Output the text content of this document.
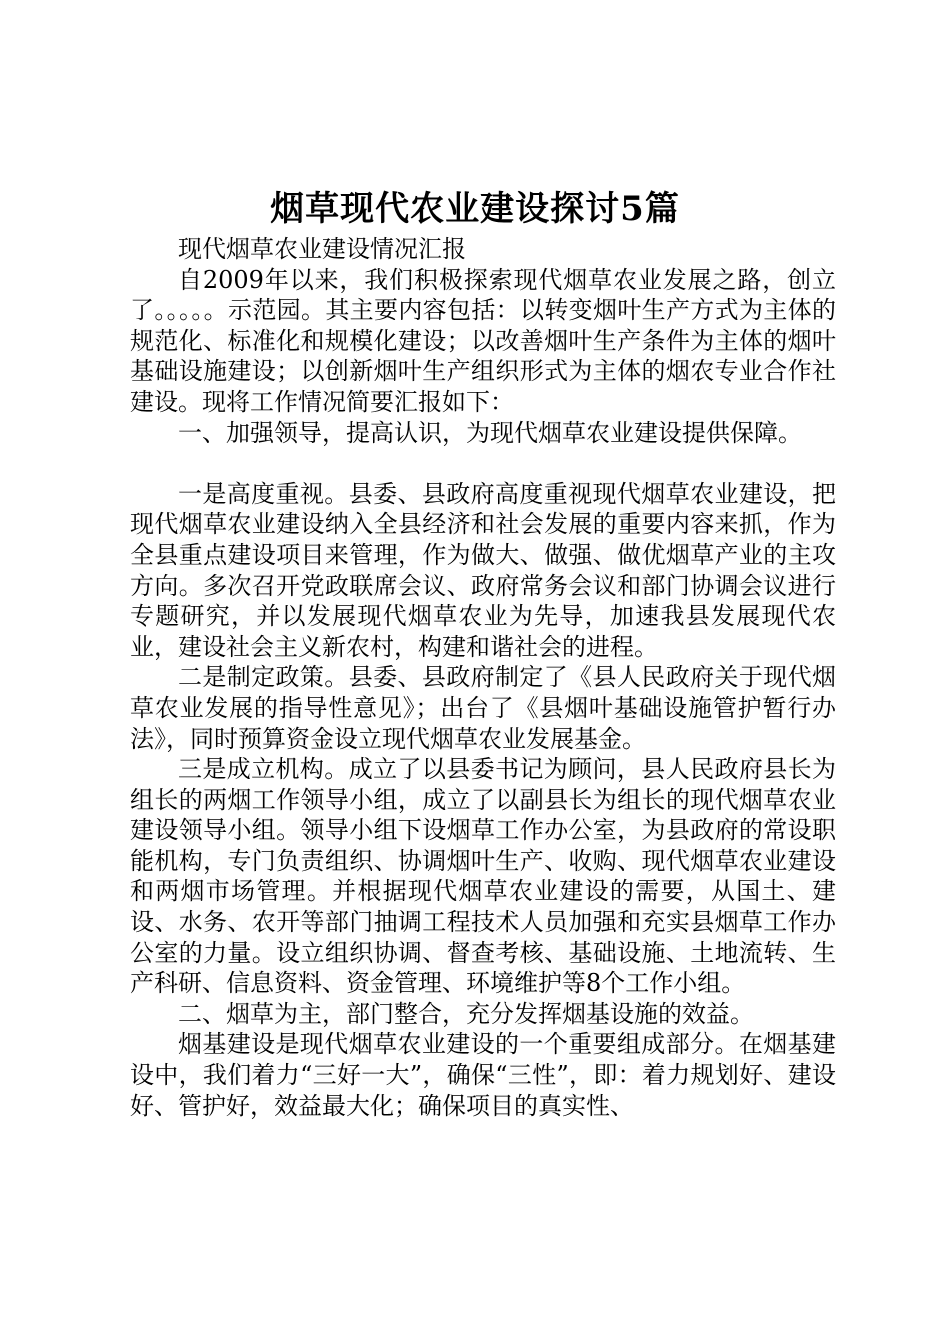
烟草现代农业建设探讨5篇

现代烟草农业建设情况汇报

自2009年以来，我们积极探索现代烟草农业发展之路，创立了。。。。。示范园。其主要内容包括：以转变烟叶生产方式为主体的规范化、标准化和规模化建设；以改善烟叶生产条件为主体的烟叶基础设施建设；以创新烟叶生产组织形式为主体的烟农专业合作社建设。现将工作情况简要汇报如下：

一、加强领导，提高认识，为现代烟草农业建设提供保障。

一是高度重视。县委、县政府高度重视现代烟草农业建设，把现代烟草农业建设纳入全县经济和社会发展的重要内容来抓，作为全县重点建设项目来管理，作为做大、做强、做优烟草产业的主攻方向。多次召开党政联席会议、政府常务会议和部门协调会议进行专题研究，并以发展现代烟草农业为先导，加速我县发展现代农业，建设社会主义新农村，构建和谐社会的进程。

二是制定政策。县委、县政府制定了《县人民政府关于现代烟草农业发展的指导性意见》；出台了《县烟叶基础设施管护暂行办法》，同时预算资金设立现代烟草农业发展基金。

三是成立机构。成立了以县委书记为顾问，县人民政府县长为组长的两烟工作领导小组，成立了以副县长为组长的现代烟草农业建设领导小组。领导小组下设烟草工作办公室，为县政府的常设职能机构，专门负责组织、协调烟叶生产、收购、现代烟草农业建设和两烟市场管理。并根据现代烟草农业建设的需要，从国土、建设、水务、农开等部门抽调工程技术人员加强和充实县烟草工作办公室的力量。设立组织协调、督查考核、基础设施、土地流转、生产科研、信息资料、资金管理、环境维护等8个工作小组。

二、烟草为主，部门整合，充分发挥烟基设施的效益。

烟基建设是现代烟草农业建设的一个重要组成部分。在烟基建设中，我们着力“三好一大”，确保“三性”，即：着力规划好、建设好、管护好，效益最大化；确保项目的真实性、
